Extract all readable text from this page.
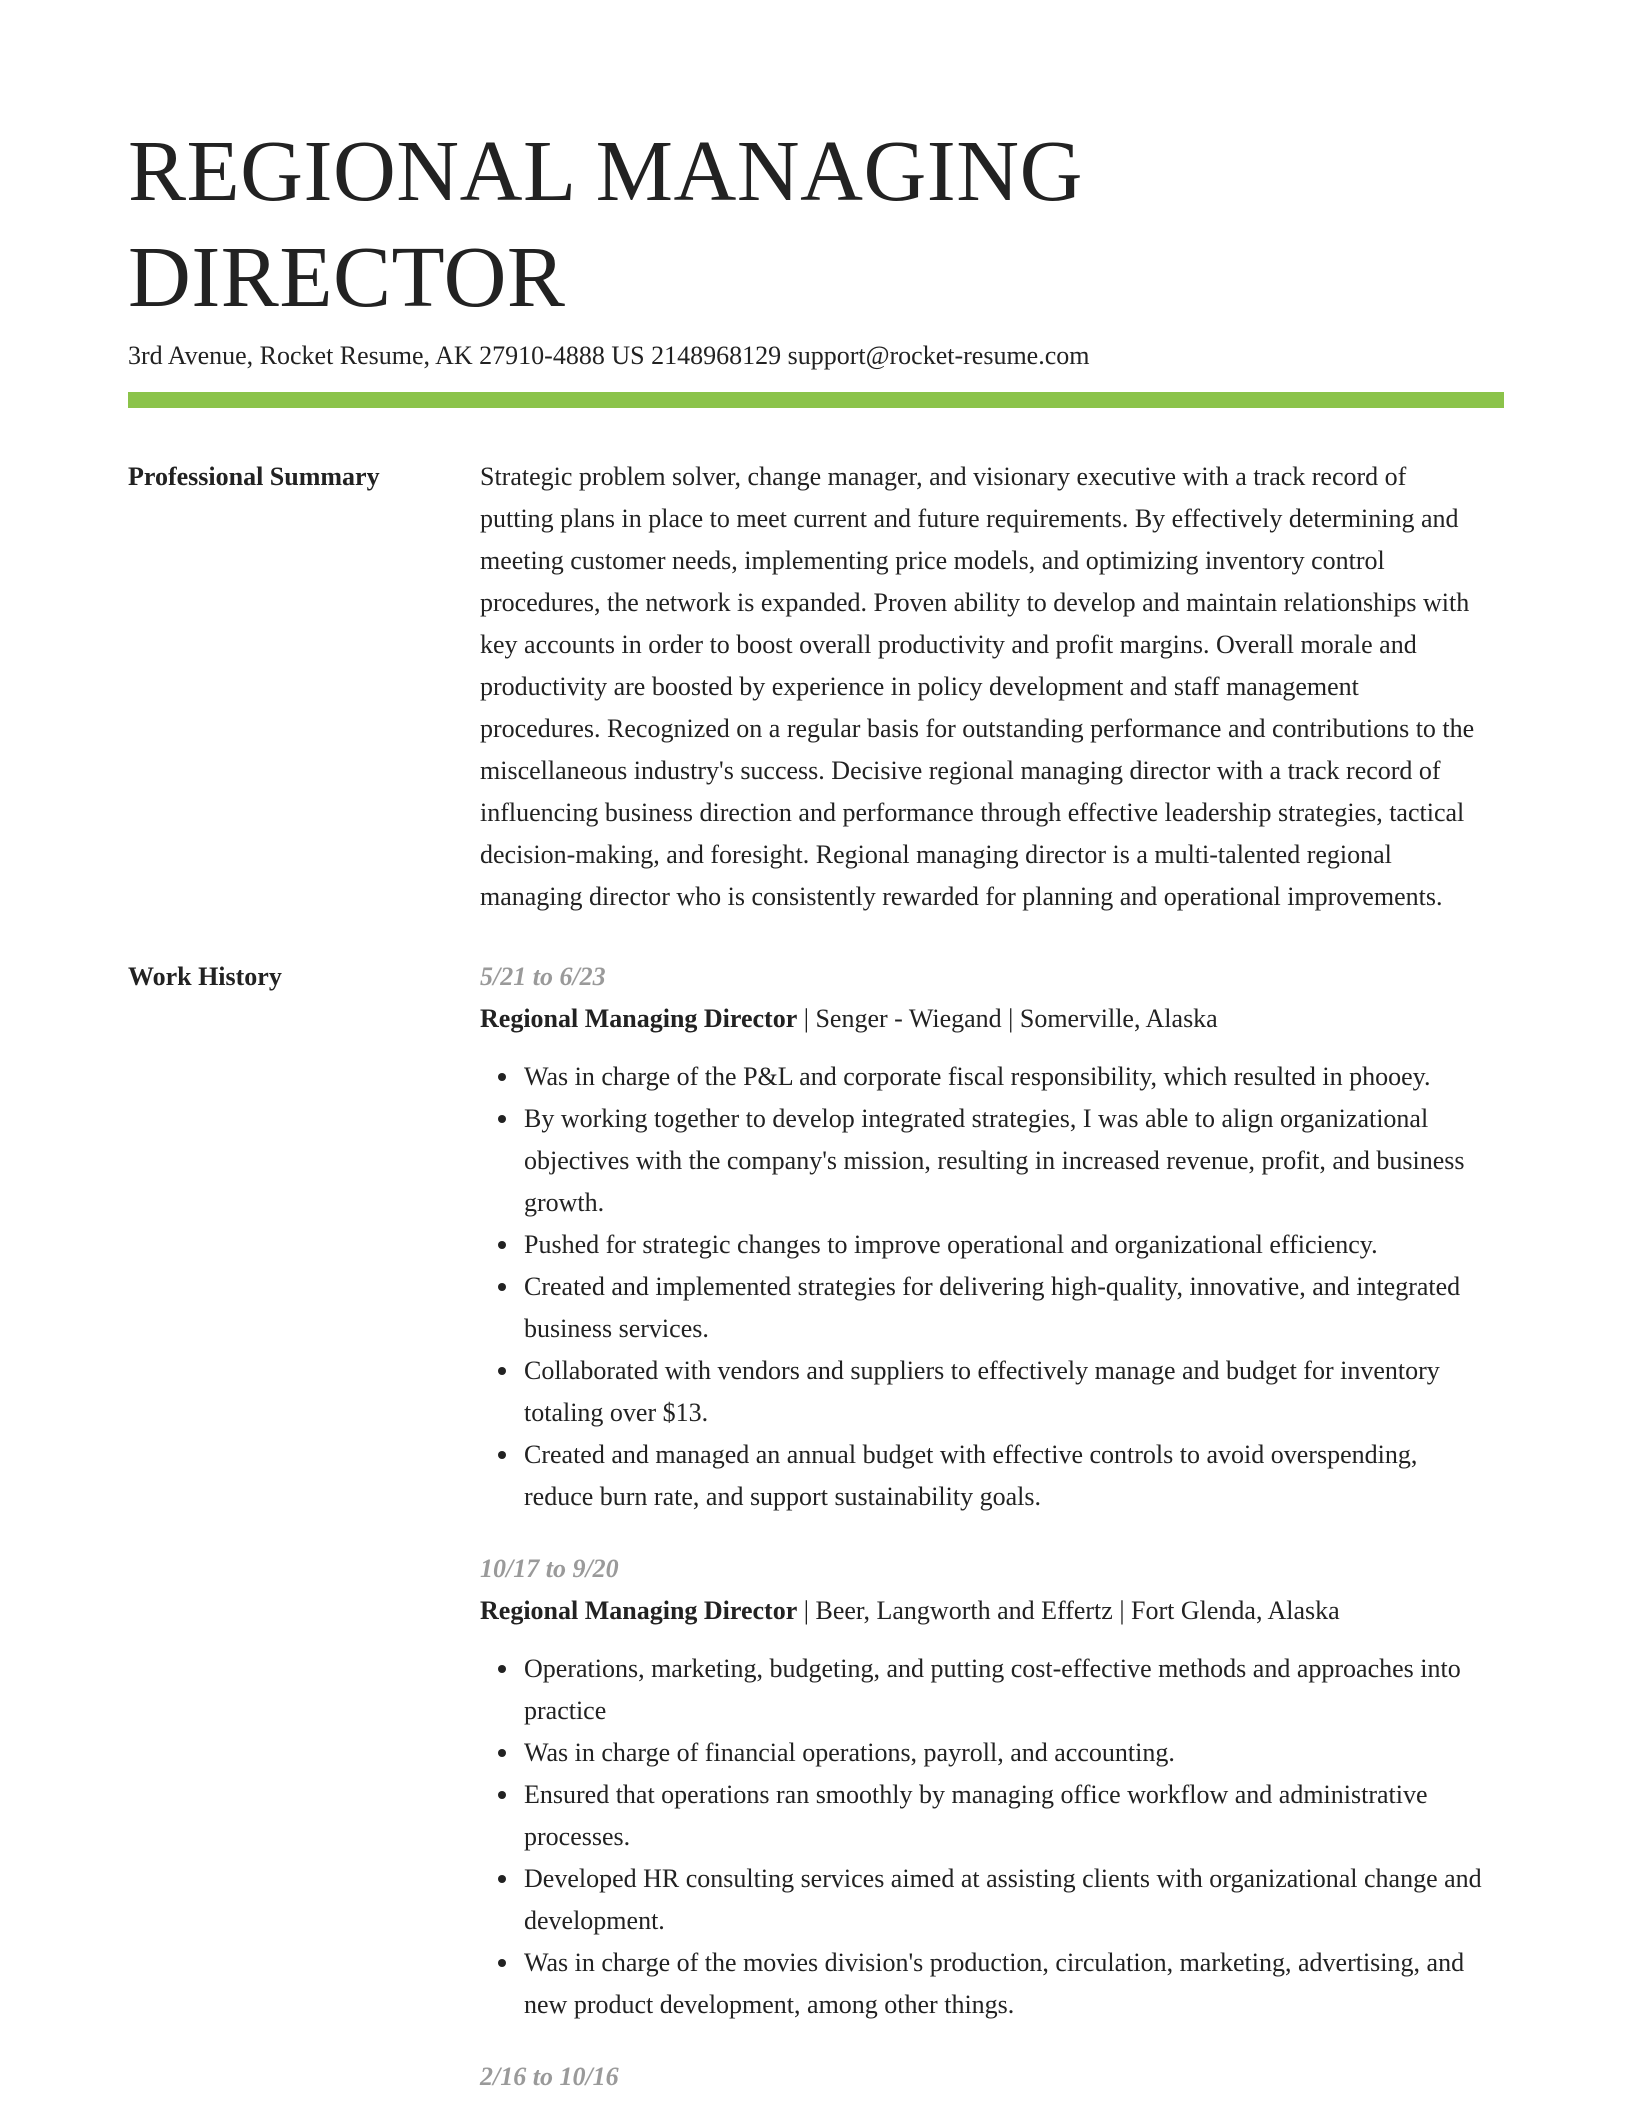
REGIONAL MANAGING DIRECTOR
3rd Avenue, Rocket Resume, AK 27910-4888 US 2148968129 support@rocket-resume.com
Professional Summary	Strategic problem solver, change manager, and visionary executive with a track record of putting plans in place to meet current and future requirements. By effectively determining and meeting customer needs, implementing price models, and optimizing inventory control procedures, the network is expanded. Proven ability to develop and maintain relationships with key accounts in order to boost overall productivity and profit margins. Overall morale and productivity are boosted by experience in policy development and staff management procedures. Recognized on a regular basis for outstanding performance and contributions to the miscellaneous industry's success. Decisive regional managing director with a track record of influencing business direction and performance through effective leadership strategies, tactical decision-making, and foresight. Regional managing director is a multi-talented regional managing director who is consistently rewarded for planning and operational improvements.

Work History	5/21 to 6/23
Regional Managing Director | Senger - Wiegand | Somerville, Alaska
Was in charge of the P&L and corporate fiscal responsibility, which resulted in phooey.
By working together to develop integrated strategies, I was able to align organizational objectives with the company's mission, resulting in increased revenue, profit, and business growth.
Pushed for strategic changes to improve operational and organizational efficiency.
Created and implemented strategies for delivering high-quality, innovative, and integrated business services.
Collaborated with vendors and suppliers to effectively manage and budget for inventory totaling over $13.
Created and managed an annual budget with effective controls to avoid overspending, reduce burn rate, and support sustainability goals.
10/17 to 9/20
Regional Managing Director | Beer, Langworth and Effertz | Fort Glenda, Alaska
Operations, marketing, budgeting, and putting cost-effective methods and approaches into practice
Was in charge of financial operations, payroll, and accounting.
Ensured that operations ran smoothly by managing office workflow and administrative processes.
Developed HR consulting services aimed at assisting clients with organizational change and development.
Was in charge of the movies division's production, circulation, marketing, advertising, and new product development, among other things.
2/16 to 10/16
